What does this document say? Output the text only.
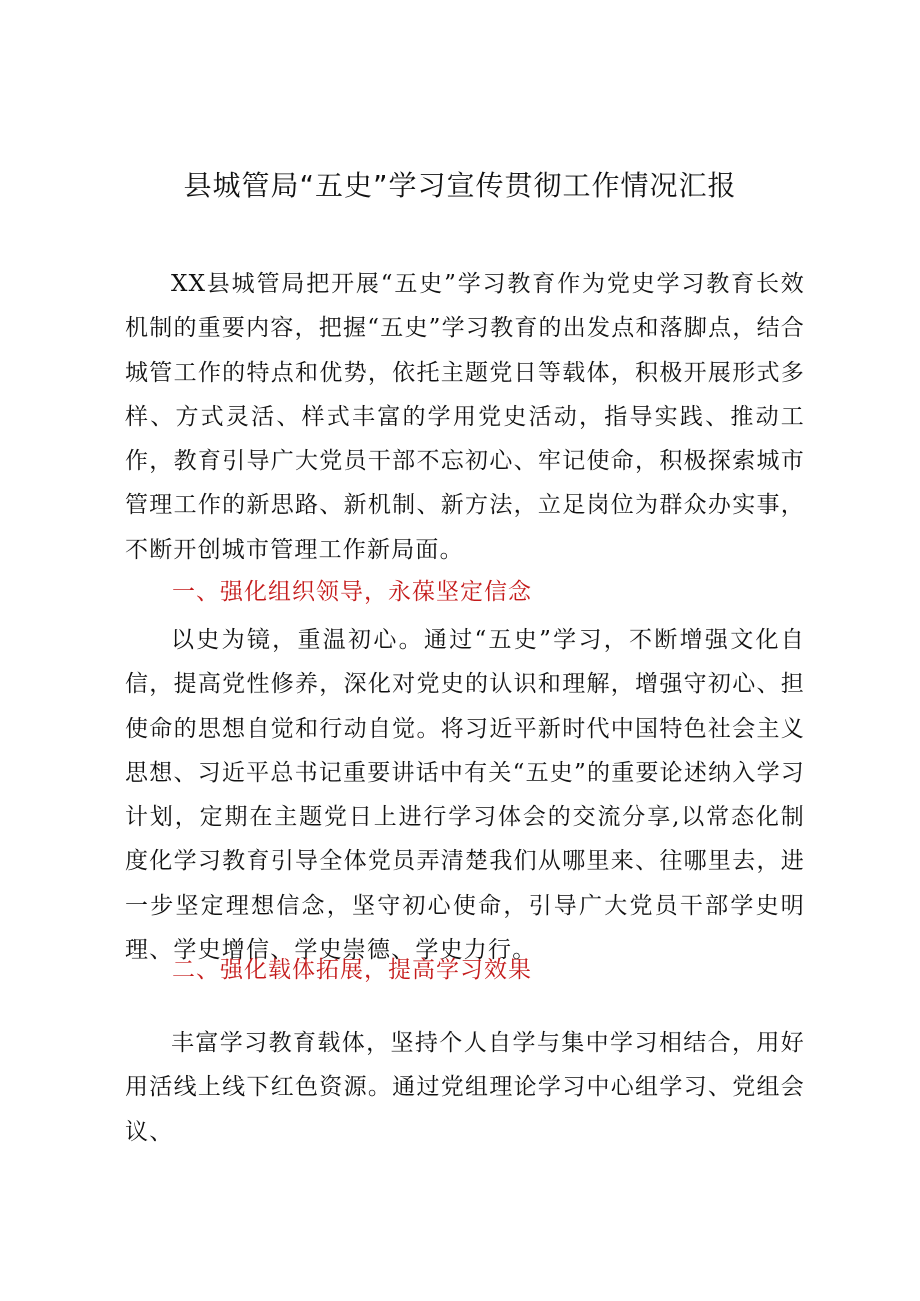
县城管局“五史”学习宣传贯彻工作情况汇报

XX县城管局把开展“五史”学习教育作为党史学习教育长效机制的重要内容，把握“五史”学习教育的出发点和落脚点，结合城管工作的特点和优势，依托主题党日等载体，积极开展形式多样、方式灵活、样式丰富的学用党史活动，指导实践、推动工作，教育引导广大党员干部不忘初心、牢记使命，积极探索城市管理工作的新思路、新机制、新方法，立足岗位为群众办实事，不断开创城市管理工作新局面。

一、强化组织领导，永葆坚定信念

以史为镜，重温初心。通过“五史”学习，不断增强文化自信，提高党性修养，深化对党史的认识和理解，增强守初心、担使命的思想自觉和行动自觉。将习近平新时代中国特色社会主义思想、习近平总书记重要讲话中有关“五史”的重要论述纳入学习计划，定期在主题党日上进行学习体会的交流分享,以常态化制度化学习教育引导全体党员弄清楚我们从哪里来、往哪里去，进一步坚定理想信念，坚守初心使命，引导广大党员干部学史明理、学史增信、学史崇德、学史力行。

二、强化载体拓展，提高学习效果

丰富学习教育载体，坚持个人自学与集中学习相结合，用好用活线上线下红色资源。通过党组理论学习中心组学习、党组会议、
